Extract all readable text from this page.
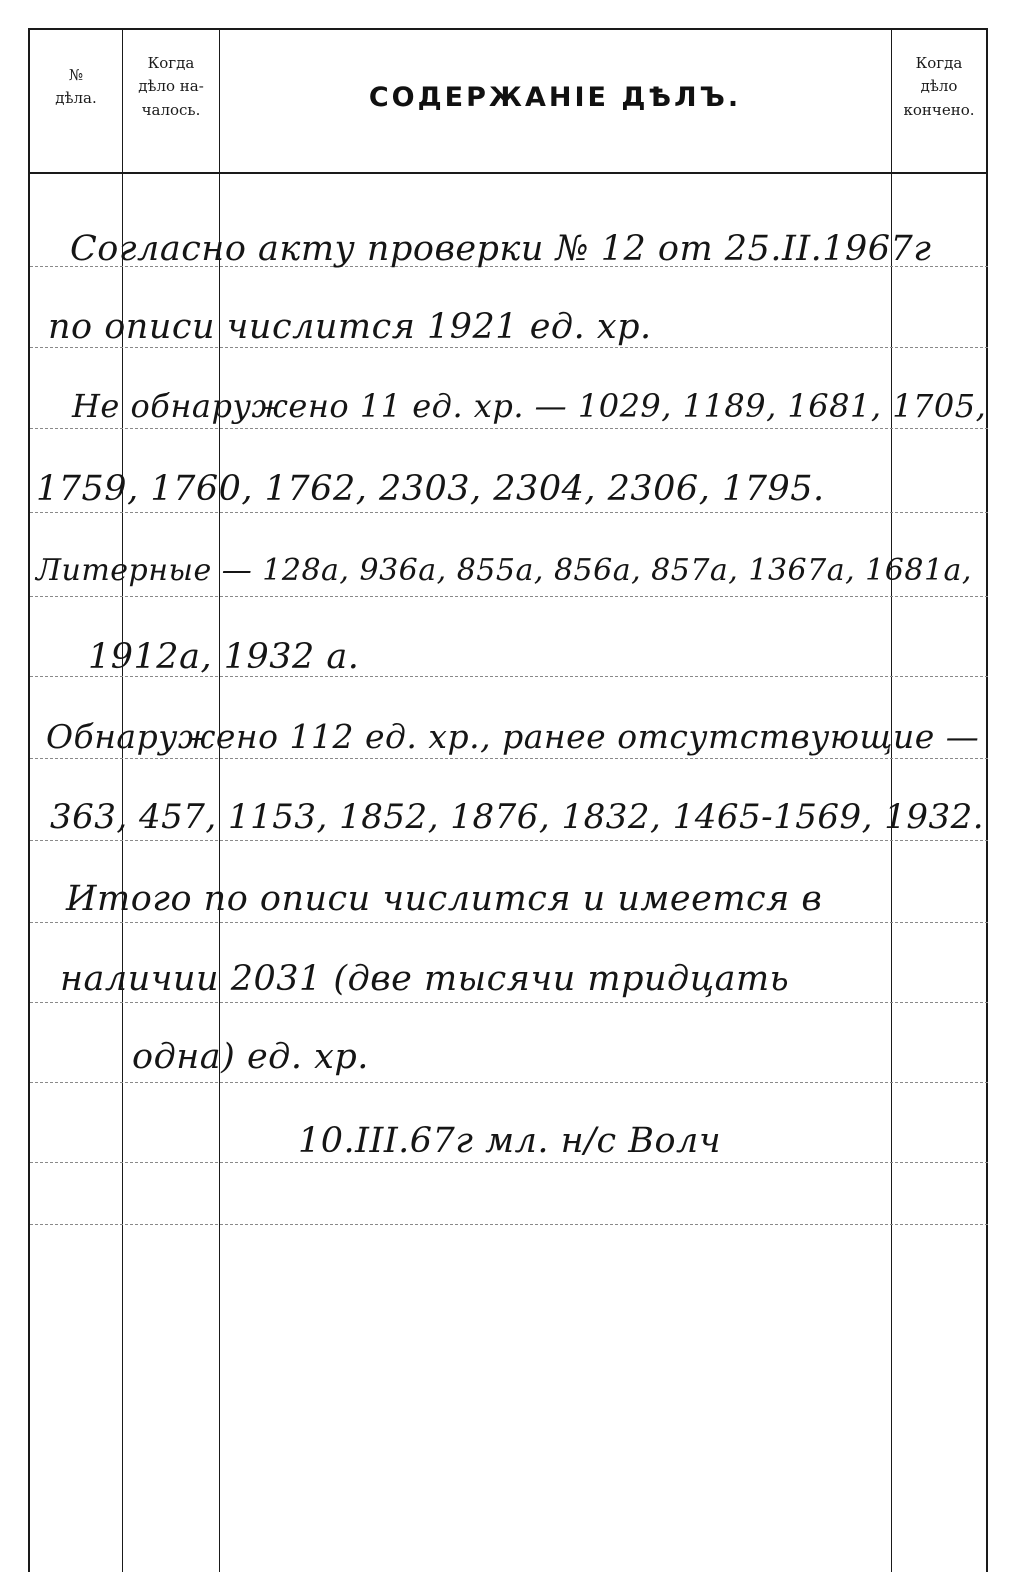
№
дѣла.
Когда
дѣло на-
чалось.	СОДЕРЖАНІЕ ДѢЛЪ.
Когда
дѣло
кончено.
Согласно акту проверки № 12 от 25.II.1967г
по описи числится 1921 ед. хр.
Не обнаружено 11 ед. хр. — 1029, 1189, 1681, 1705,
1759, 1760, 1762, 2303, 2304, 2306, 1795.
Литерные — 128а, 936а, 855а, 856а, 857а, 1367а, 1681а,
1912а, 1932 а.
Обнаружено 112 ед. хр., ранее отсутствующие —
363, 457, 1153, 1852, 1876, 1832, 1465-1569, 1932.
Итого по описи числится и имеется в
наличии 2031 (две тысячи тридцать
одна) ед. хр.
10.III.67г мл. н/с Волч
